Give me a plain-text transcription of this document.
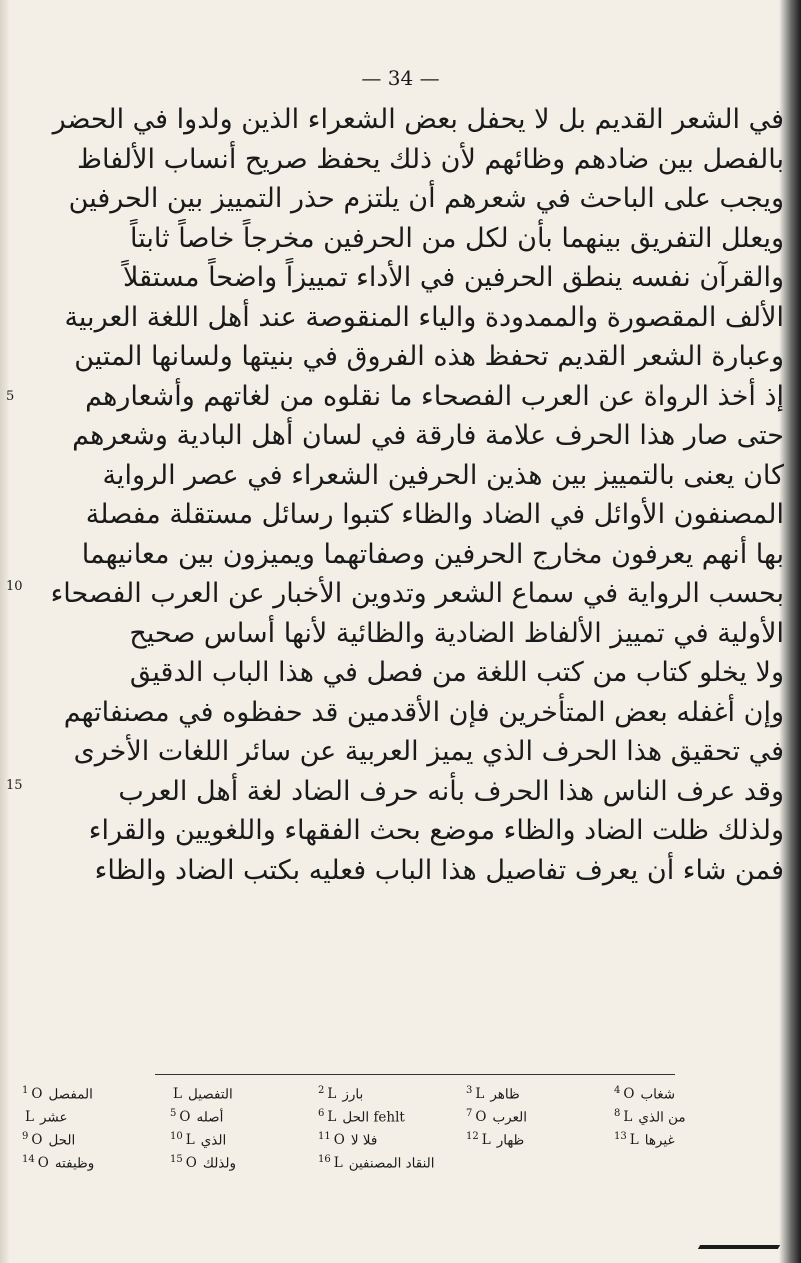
— 34 —
في الشعر القديم بل لا يحفل بعض الشعراء الذين ولدوا في الحضر
بالفصل بين ضادهم وظائهم لأن ذلك يحفظ صريح أنساب الألفاظ
ويجب على الباحث في شعرهم أن يلتزم حذر التمييز بين الحرفين
ويعلل التفريق بينهما بأن لكل من الحرفين مخرجاً خاصاً ثابتاً
والقرآن نفسه ينطق الحرفين في الأداء تمييزاً واضحاً مستقلاً
الألف المقصورة والممدودة والياء المنقوصة عند أهل اللغة العربية
وعبارة الشعر القديم تحفظ هذه الفروق في بنيتها ولسانها المتين
إذ أخذ الرواة عن العرب الفصحاء ما نقلوه من لغاتهم وأشعارهم
حتى صار هذا الحرف علامة فارقة في لسان أهل البادية وشعرهم
كان يعنى بالتمييز بين هذين الحرفين الشعراء في عصر الرواية
المصنفون الأوائل في الضاد والظاء كتبوا رسائل مستقلة مفصلة
بها أنهم يعرفون مخارج الحرفين وصفاتهما ويميزون بين معانيهما
بحسب الرواية في سماع الشعر وتدوين الأخبار عن العرب الفصحاء
الأولية في تمييز الألفاظ الضادية والظائية لأنها أساس صحيح
ولا يخلو كتاب من كتب اللغة من فصل في هذا الباب الدقيق
وإن أغفله بعض المتأخرين فإن الأقدمين قد حفظوه في مصنفاتهم
في تحقيق هذا الحرف الذي يميز العربية عن سائر اللغات الأخرى
وقد عرف الناس هذا الحرف بأنه حرف الضاد لغة أهل العرب
ولذلك ظلت الضاد والظاء موضع بحث الفقهاء واللغويين والقراء
فمن شاء أن يعرف تفاصيل هذا الباب فعليه بكتب الضاد والظاء
5
10
15
$^1$ O المفصل	L التفصيل	$^2$ L بارز	$^3$ L ظاهر	$^4$ O شغاب
L عشر	$^5$ O أصله	$^6$ L fehlt الحل	$^7$ O العرب	$^8$ L من الذي
$^9$ O الحل	$^{10}$ L الذي	$^{11}$ O فلا لا	$^{12}$ L ظهار	$^{13}$ L غيرها
$^{14}$ O وظيفته	$^{15}$ O ولذلك	$^{16}$ L النقاد المصنفين
